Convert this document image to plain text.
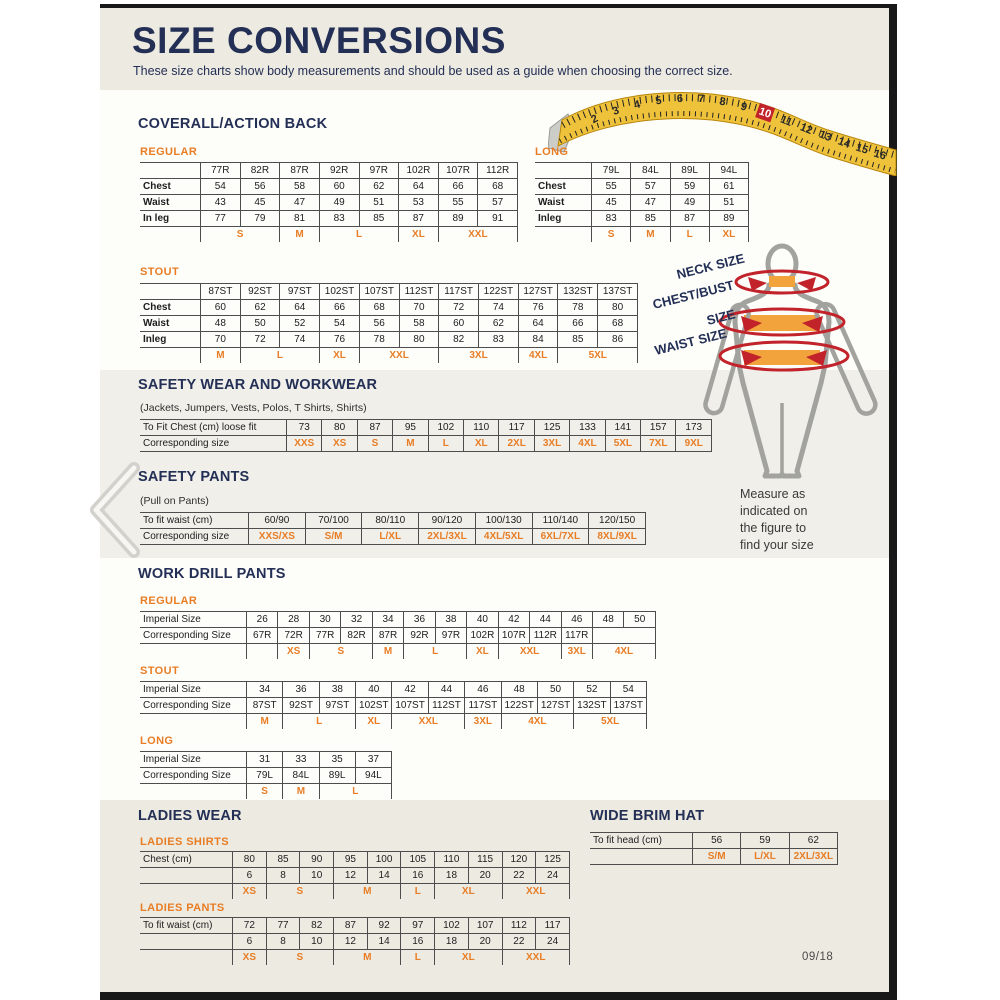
SIZE CONVERSIONS
These size charts show body measurements and should be used as a guide when choosing the correct size.
2
3 4 5 6 7 8 9 10
11
12 13 14 15 16
COVERALL/ACTION BACK
REGULAR
	77R	82R	87R	92R	97R	102R	107R	112R
Chest	54	56	58	60	62	64	66	68
Waist	43	45	47	49	51	53	55	57
In leg	77	79	81	83	85	87	89	91
	S		M	L		XL	XXL	
LONG
	79L	84L	89L	94L
Chest	55	57	59	61
Waist	45	47	49	51
Inleg	83	85	87	89
	S	M	L	XL
STOUT
	87ST	92ST	97ST	102ST	107ST	112ST	117ST	122ST	127ST	132ST	137ST
Chest	60	62	64	66	68	70	72	74	76	78	80
Waist	48	50	52	54	56	58	60	62	64	66	68
Inleg	70	72	74	76	78	80	82	83	84	85	86
	M	L		XL	XXL		3XL		4XL	5XL	
NECK SIZE
CHEST/BUST
SIZE
WAIST SIZE
Measure as
indicated on
the figure to
find your size
SAFETY WEAR AND WORKWEAR
(Jackets, Jumpers, Vests, Polos, T Shirts, Shirts)
To Fit Chest (cm) loose fit	73	80	87	95	102	110	117	125	133	141	157	173
Corresponding size	XXS	XS	S	M	L	XL	2XL	3XL	4XL	5XL	7XL	9XL
SAFETY PANTS
(Pull on Pants)
To fit waist (cm)	60/90	70/100	80/110	90/120	100/130	110/140	120/150
Corresponding size	XXS/XS	S/M	L/XL	2XL/3XL	4XL/5XL	6XL/7XL	8XL/9XL
WORK DRILL PANTS
REGULAR
Imperial Size	26	28	30	32	34	36	38	40	42	44	46	48	50
Corresponding Size	67R	72R	77R	82R	87R	92R	97R	102R	107R	112R	117R		
		XS	S		M	L		XL	XXL		3XL	4XL	
STOUT
Imperial Size	34	36	38	40	42	44	46	48	50	52	54
Corresponding Size	87ST	92ST	97ST	102ST	107ST	112ST	117ST	122ST	127ST	132ST	137ST
	M	L		XL	XXL		3XL	4XL		5XL	
LONG
Imperial Size	31	33	35	37
Corresponding Size	79L	84L	89L	94L
	S	M	L	
LADIES WEAR
LADIES SHIRTS
Chest (cm)	80	85	90	95	100	105	110	115	120	125
	6	8	10	12	14	16	18	20	22	24
	XS	S		M		L	XL		XXL	
LADIES PANTS
To fit waist (cm)	72	77	82	87	92	97	102	107	112	117
	6	8	10	12	14	16	18	20	22	24
	XS	S		M		L	XL		XXL	
WIDE BRIM HAT
To fit head (cm)	56	59	62
	S/M	L/XL	2XL/3XL
09/18
